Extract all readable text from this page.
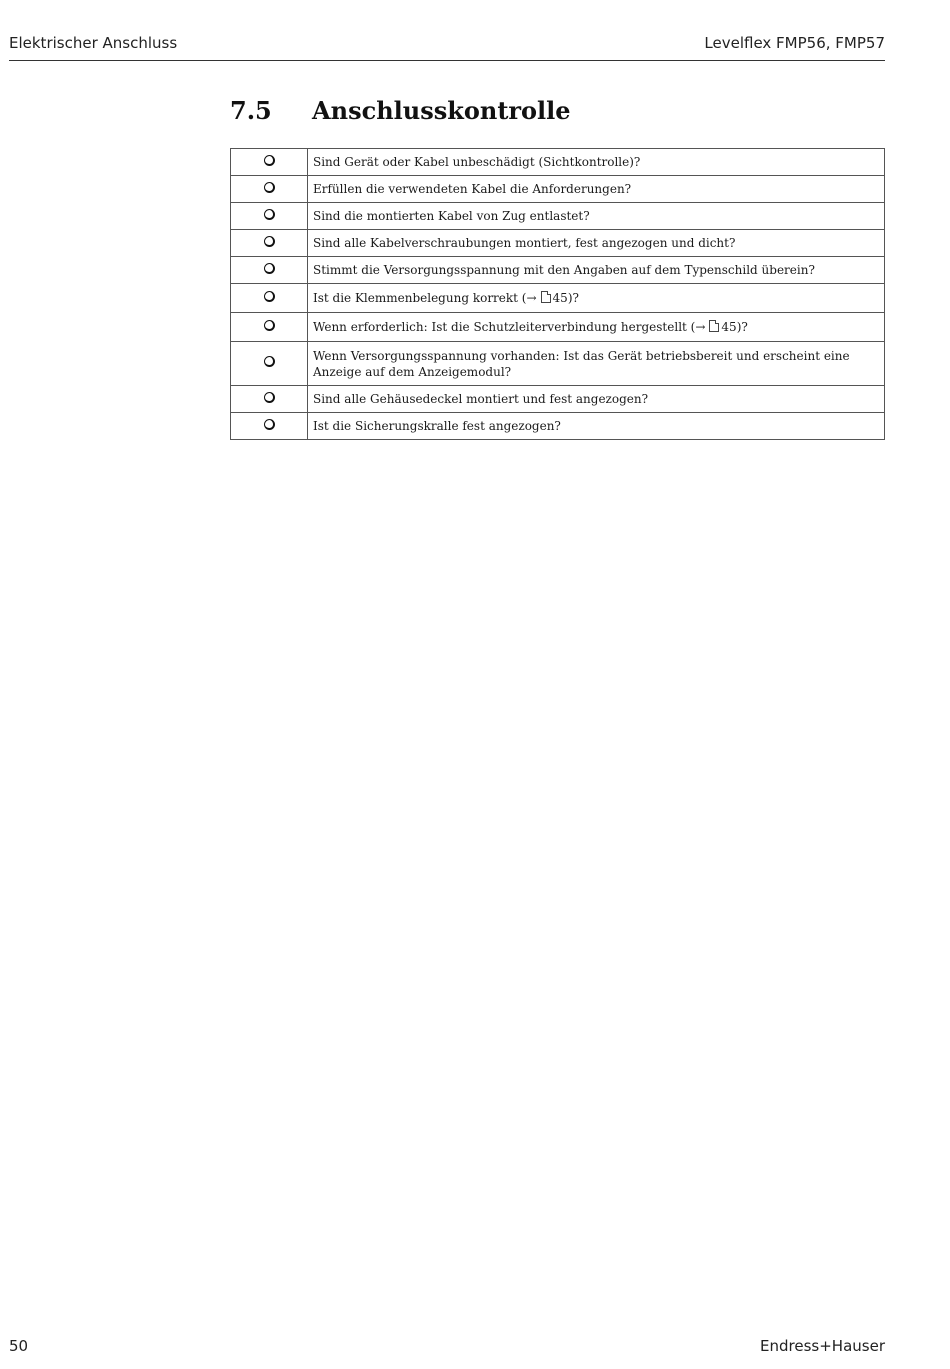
Elektrischer Anschluss	Levelflex FMP56, FMP57
7.5 Anschlusskontrolle
	Sind Gerät oder Kabel unbeschädigt (Sichtkontrolle)?
	Erfüllen die verwendeten Kabel die Anforderungen?
	Sind die montierten Kabel von Zug entlastet?
	Sind alle Kabelverschraubungen montiert, fest angezogen und dicht?
	Stimmt die Versorgungsspannung mit den Angaben auf dem Typenschild überein?
	Ist die Klemmenbelegung korrekt (→ 45)?
	Wenn erforderlich: Ist die Schutzleiterverbindung hergestellt (→ 45)?
	Wenn Versorgungsspannung vorhanden: Ist das Gerät betriebsbereit und erscheint eine Anzeige auf dem Anzeigemodul?
	Sind alle Gehäusedeckel montiert und fest angezogen?
	Ist die Sicherungskralle fest angezogen?
50	Endress+Hauser
